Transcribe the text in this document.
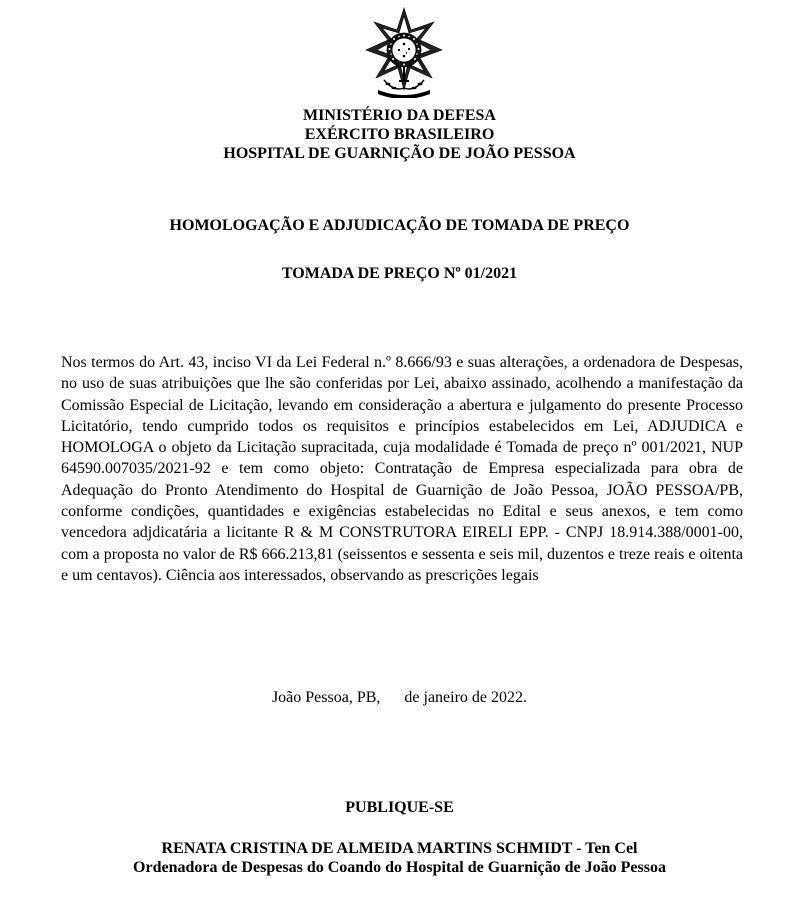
MINISTÉRIO DA DEFESA

EXÉRCITO BRASILEIRO

HOSPITAL DE GUARNIÇÃO DE JOÃO PESSOA

HOMOLOGAÇÃO E ADJUDICAÇÃO DE TOMADA DE PREÇO

TOMADA DE PREÇO Nº 01/2021

Nos termos do Art. 43, inciso VI da Lei Federal n.º 8.666/93 e suas alterações, a ordenadora de Despesas, no uso de suas atribuições que lhe são conferidas por Lei, abaixo assinado, acolhendo a manifestação da Comissão Especial de Licitação, levando em consideração a abertura e julgamento do presente Processo Licitatório, tendo cumprido todos os requisitos e princípios estabelecidos em Lei, ADJUDICA e HOMOLOGA o objeto da Licitação supracitada, cuja modalidade é Tomada de preço nº 001/2021, NUP 64590.007035/2021-92 e tem como objeto: Contratação de Empresa especializada para obra de Adequação do Pronto Atendimento do Hospital de Guarnição de João Pessoa, JOÃO PESSOA/PB, conforme condições, quantidades e exigências estabelecidas no Edital e seus anexos, e tem como vencedora adjdicatária a licitante R & M CONSTRUTORA EIRELI EPP. - CNPJ 18.914.388/0001-00, com a proposta no valor de R$ 666.213,81 (seissentos e sessenta e seis mil, duzentos e treze reais e oitenta e um centavos). Ciência aos interessados, observando as prescrições legais

João Pessoa, PB,      de janeiro de 2022.

PUBLIQUE-SE

RENATA CRISTINA DE ALMEIDA MARTINS SCHMIDT - Ten Cel

Ordenadora de Despesas do Coando do Hospital de Guarnição de João Pessoa
